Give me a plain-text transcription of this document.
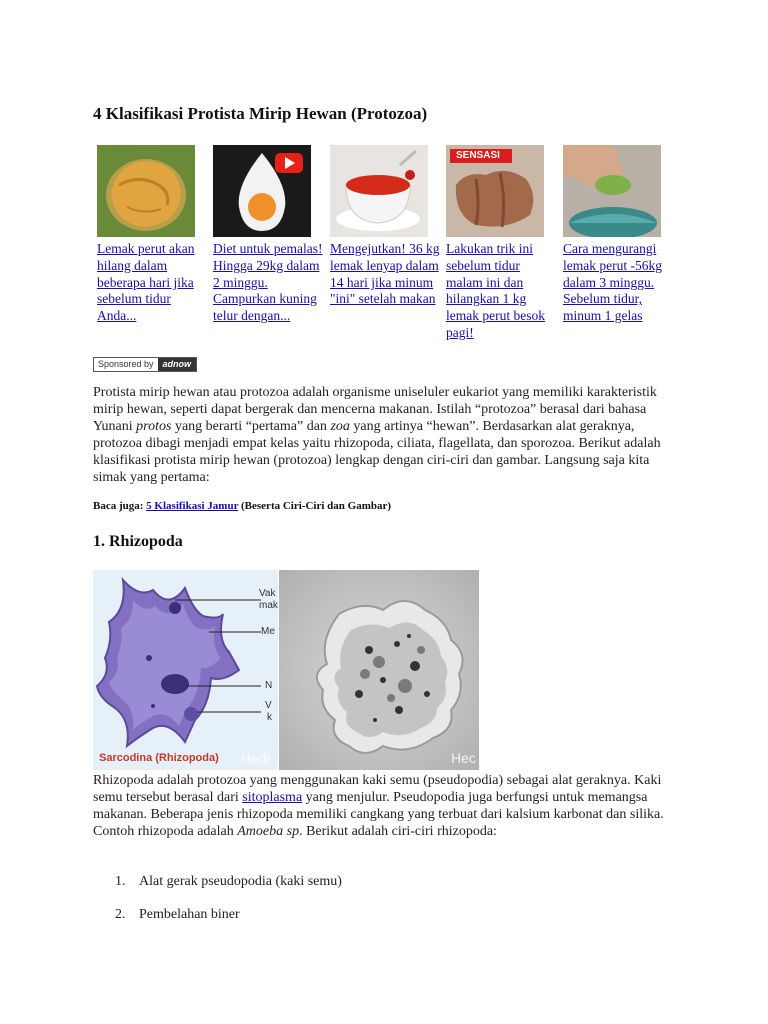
4 Klasifikasi Protista Mirip Hewan (Protozoa)
Lemak perut akan hilang dalam beberapa hari jika sebelum tidur Anda...
Diet untuk pemalas! Hingga 29kg dalam 2 minggu. Campurkan kuning telur dengan...
Mengejutkan! 36 kg lemak lenyap dalam 14 hari jika minum "ini" setelah makan
SENSASI
Lakukan trik ini sebelum tidur malam ini dan hilangkan 1 kg lemak perut besok pagi!
Cara mengurangi lemak perut -56kg dalam 3 minggu. Sebelum tidur, minum 1 gelas
Sponsored by	adnow

Protista mirip hewan atau protozoa adalah organisme uniseluler eukariot yang memiliki karakteristik mirip hewan, seperti dapat bergerak dan mencerna makanan. Istilah “protozoa” berasal dari bahasa Yunani protos yang berarti “pertama” dan zoa yang artinya “hewan”. Berdasarkan alat geraknya, protozoa dibagi menjadi empat kelas yaitu rhizopoda, ciliata, flagellata, dan sporozoa. Berikut adalah klasifikasi protista mirip hewan (protozoa) lengkap dengan ciri-ciri dan gambar. Langsung saja kita simak yang pertama:

Baca juga: 5 Klasifikasi Jamur (Beserta Ciri-Ciri dan Gambar)
1. Rhizopoda
Vak
mak
Me
N
V
k
Sarcodina (Rhizopoda) Hedi	Hec

Rhizopoda adalah protozoa yang menggunakan kaki semu (pseudopodia) sebagai alat geraknya. Kaki semu tersebut berasal dari sitoplasma yang menjulur. Pseudopodia juga berfungsi untuk memangsa makanan. Beberapa jenis rhizopoda memiliki cangkang yang terbuat dari kalsium karbonat dan silika. Contoh rhizopoda adalah Amoeba sp. Berikut adalah ciri-ciri rhizopoda:

1. Alat gerak pseudopodia (kaki semu)
2. Pembelahan biner
